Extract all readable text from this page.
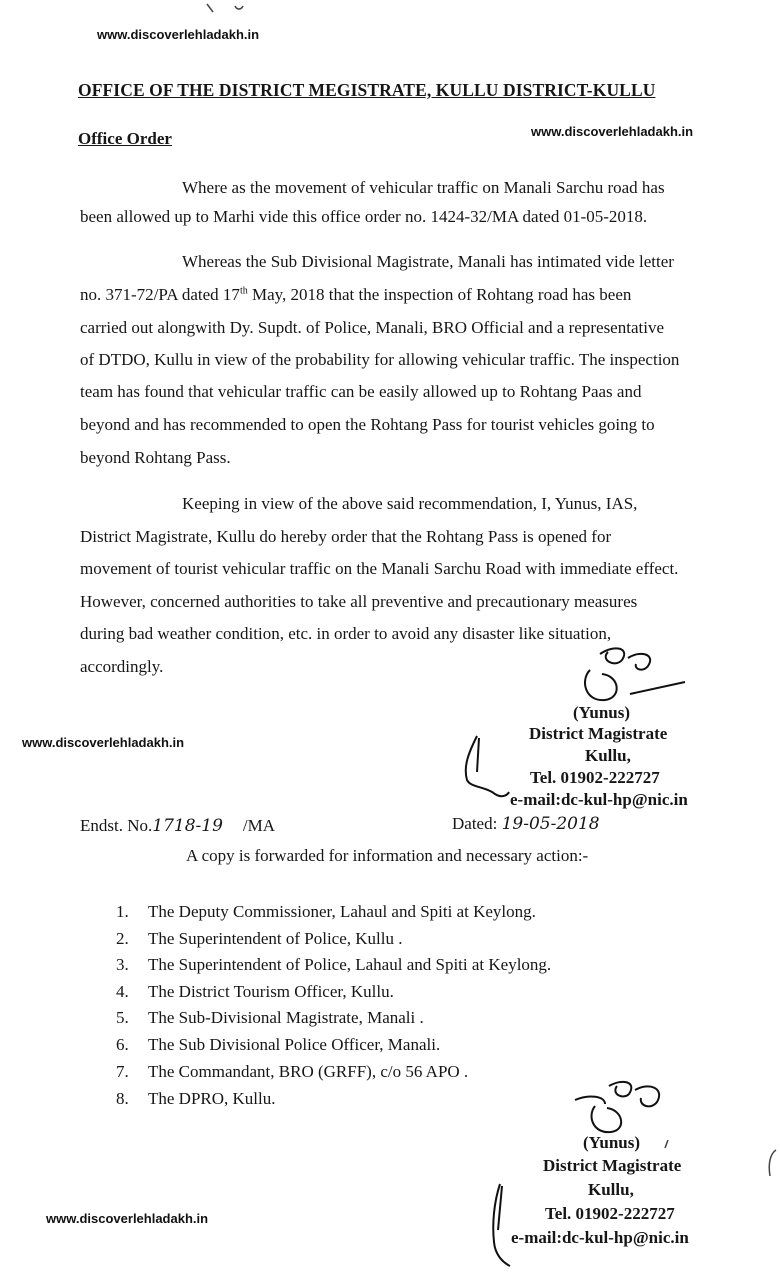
www.discoverlehladakh.in
www.discoverlehladakh.in
www.discoverlehladakh.in
www.discoverlehladakh.in
OFFICE OF THE DISTRICT MEGISTRATE, KULLU DISTRICT-KULLU
Office Order
Where as the movement of vehicular traffic on Manali Sarchu road has
been allowed up to Marhi vide this office order no. 1424-32/MA dated 01-05-2018.
Whereas the Sub Divisional Magistrate, Manali has intimated vide letter
no. 371-72/PA dated 17th May, 2018 that the inspection of Rohtang road has been
carried out alongwith Dy. Supdt. of Police, Manali, BRO Official and a representative
of DTDO, Kullu in view of the probability for allowing vehicular traffic. The inspection
team has found that vehicular traffic can be easily allowed up to Rohtang Paas and
beyond and has recommended to open the Rohtang Pass for tourist vehicles going to
beyond Rohtang Pass.
Keeping in view of the above said recommendation, I, Yunus, IAS,
District Magistrate, Kullu do hereby order that the Rohtang Pass is opened for
movement of tourist vehicular traffic on the Manali Sarchu Road with immediate effect.
However, concerned authorities to take all preventive and precautionary measures
during bad weather condition, etc. in order to avoid any disaster like situation,
accordingly.
(Yunus)
District Magistrate
Kullu,
Tel. 01902-222727
e-mail:dc-kul-hp@nic.in
Endst. No.1718-19 /MA	Dated: 19-05-2018
A copy is forwarded for information and necessary action:-
1. The Deputy Commissioner, Lahaul and Spiti at Keylong.
2. The Superintendent of Police, Kullu .
3. The Superintendent of Police, Lahaul and Spiti at Keylong.
4. The District Tourism Officer, Kullu.
5. The Sub-Divisional Magistrate, Manali .
6. The Sub Divisional Police Officer, Manali.
7. The Commandant, BRO (GRFF), c/o 56 APO .
8. The DPRO, Kullu.
(Yunus)
District Magistrate
Kullu,
Tel. 01902-222727
e-mail:dc-kul-hp@nic.in
